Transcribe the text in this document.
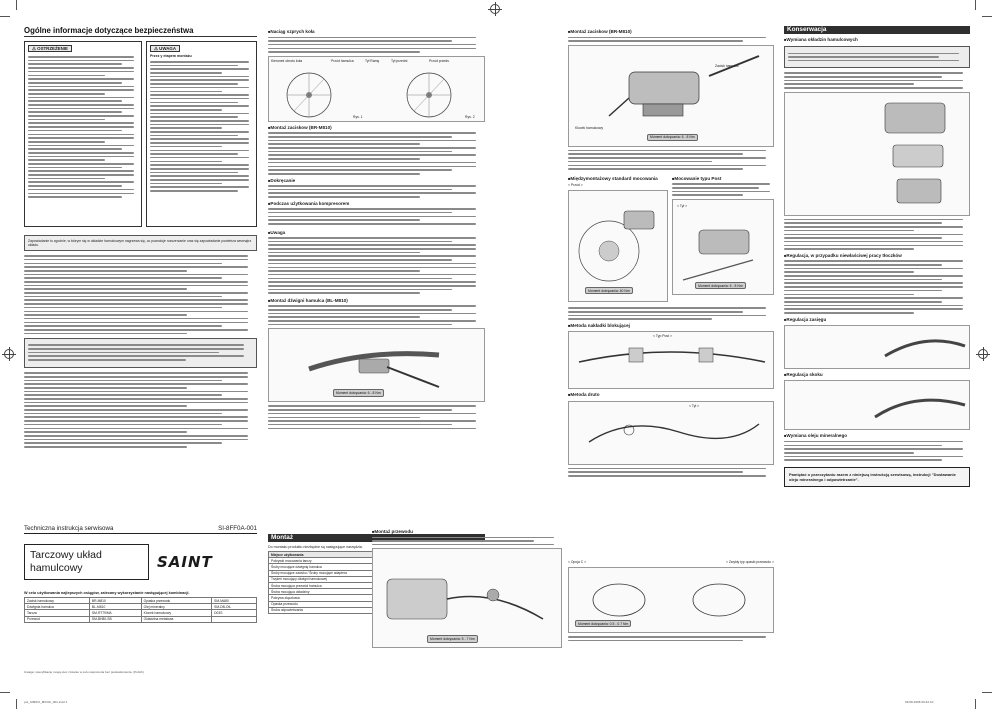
Ogólne informacje dotyczące bezpieczeństwa
⚠ OSTRZEŻENIE	⚠ UWAGA
Przez y etapem montażu
Zapowiadanie to zgodnie, w którym się w układzie hamulcowym nagrzewa się, co powoduje rozszerzanie oraz się zapowiadanie powietrza wewnątrz układu.
Techniczna instrukcja serwisowa	SI-8FF0A-001
Tarczowy układ hamulcowy	SAINT
W celu użytkowania najlepszych osiągów, zalecany wykorzystanie następującej kombinacji.
Zacisk hamulcowy	BR-M810	Opaska przewodu	SM-MA80
Dźwignia hamulca	BL-M810	Olej mineralny	SM-DB-OIL
Tarcza	SM-RT79/M/L	Klocek hamulcowy	D03S
Przewód	SM-BH80-SB	Okładzina metalowa	
Uwaga: specyfikacje mogą ulec zmianie w celu ulepszenia bez powiadomienia. (Polish)
■ Naciąg szprych koła
Kierunek obrotu koła	Przód hamulca	Tył Ramę	Tył przedni	Przód przeds
Rys. 1	Rys. 2
■ Montaż zaciskow (BR-M810)
■ Dokręcanie
■ Podczas użytkowania kompresorem
■ Uwaga
■ Montaż dźwigni hamulca (BL-M810)
Moment dokręcania: 6 - 8 Nm
Montaż
Do montażu produktu niezbędne są następujące narzędzia.
Miejsce użytkowania	
Pokrywki mocowania tarczy	
Śruby mocujące dźwignię hamulca	
Śruby mocujące zacisku / Śruby mocujące adaptera	
Trzpień mocujący dźwigni hamulcowej	
Śruba mocująca przewód hamulca	
Śruba mocująca okładziny	
Pokrywa złączkowa	
Opaska przewodu	
Śruba odpowietrzania	
■ Montaż zaciskow (BR-M810)
Moment dokręcania: 6 - 8 Nm
Zacisk hamulca
Klocek hamulcowy
■ Międzymontażowy standard mocowania
< Przód >
Moment dokręcania: 40 Nm
■ Mocowanie typu Post
< Tył >
Moment dokręcania: 6 - 8 Nm
■ Metoda nakładki blokującej
< Typ Post >
■ Metoda druto
< Tył >
■ Montaż przewodu
Moment dokręcania: 5 - 7 Nm
< Opcja C >	< Zwykły typ opaski przewodu >
Moment dokręcania: 0.5 - 0.7 Nm
Konserwacja
■ Wymiana okładzin hamulcowych
■ Regulacja, w przypadku niewłaściwej pracy tłoczków
■ Regulacja zasięgu
■ Regulacja skoku
■ Wymiana oleju mineralnego
Pamiętać o przeczytaniu razem z niniejszą instrukcją serwisową, instrukcji "Dostawanie oleju mineralnego i odpowietrzanie".
pol_SI8FF0_8FF0A_001.indd 1	09.08.2008 09:42:10
